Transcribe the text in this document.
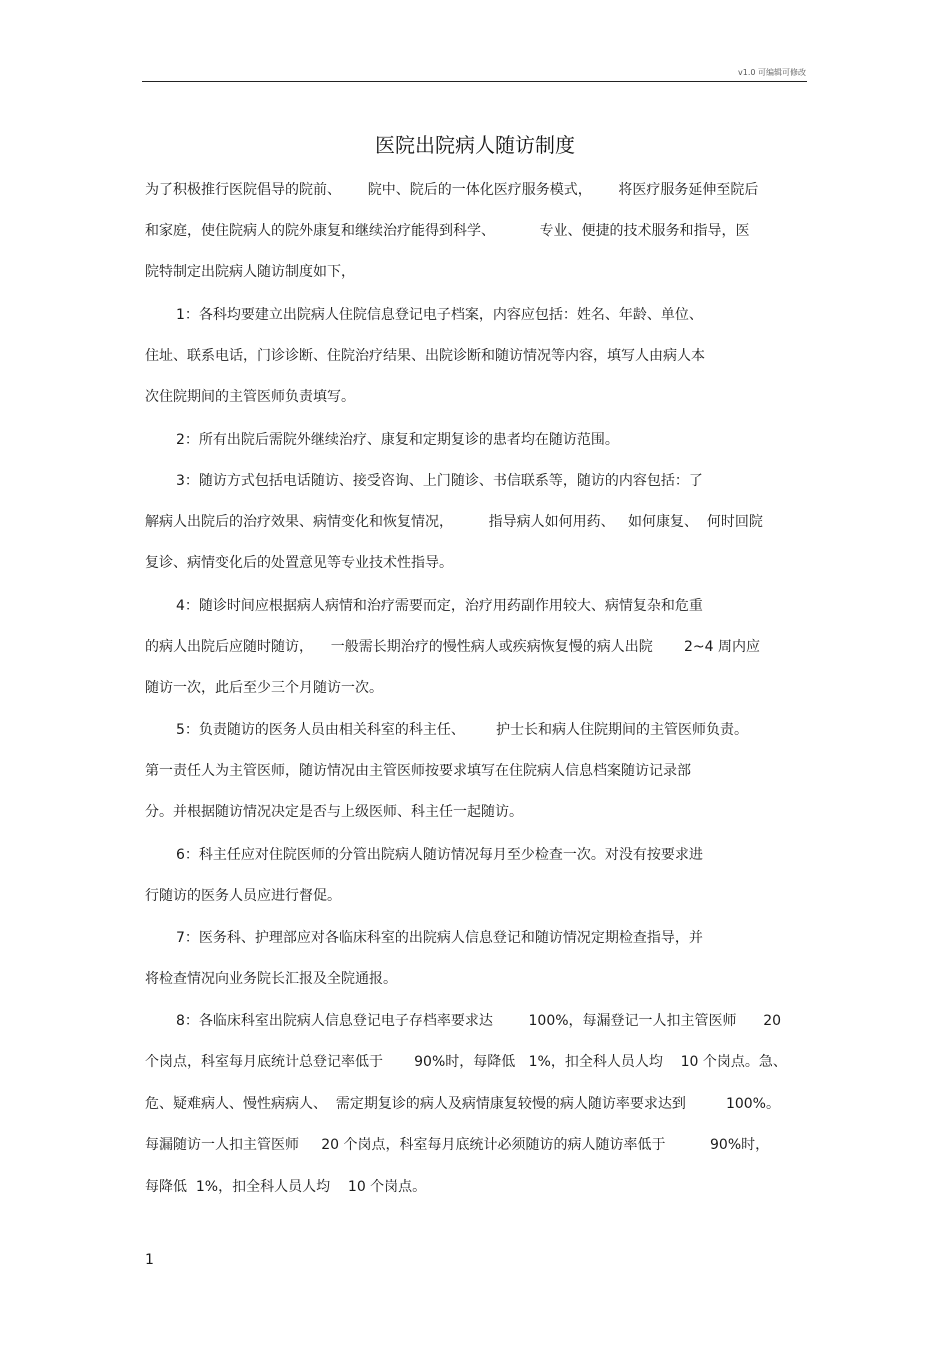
v1.0 可编辑可修改
医院出院病人随访制度
为了积极推行医院倡导的院前、      院中、院后的一体化医疗服务模式，      将医疗服务延伸至院后
和家庭，使住院病人的院外康复和继续治疗能得到科学、          专业、便捷的技术服务和指导，医
院特制定出院病人随访制度如下，
1：各科均要建立出院病人住院信息登记电子档案，内容应包括：姓名、年龄、单位、
住址、联系电话，门诊诊断、住院治疗结果、出院诊断和随访情况等内容，填写人由病人本
次住院期间的主管医师负责填写。
2：所有出院后需院外继续治疗、康复和定期复诊的患者均在随访范围。
3：随访方式包括电话随访、接受咨询、上门随诊、书信联系等，随访的内容包括：了
解病人出院后的治疗效果、病情变化和恢复情况，        指导病人如何用药、   如何康复、  何时回院
复诊、病情变化后的处置意见等专业技术性指导。
4：随诊时间应根据病人病情和治疗需要而定，治疗用药副作用较大、病情复杂和危重
的病人出院后应随时随访，    一般需长期治疗的慢性病人或疾病恢复慢的病人出院       2~4 周内应
随访一次，此后至少三个月随访一次。
5：负责随访的医务人员由相关科室的科主任、       护士长和病人住院期间的主管医师负责。
第一责任人为主管医师，随访情况由主管医师按要求填写在住院病人信息档案随访记录部
分。并根据随访情况决定是否与上级医师、科主任一起随访。
6：科主任应对住院医师的分管出院病人随访情况每月至少检查一次。对没有按要求进
行随访的医务人员应进行督促。
7：医务科、护理部应对各临床科室的出院病人信息登记和随访情况定期检查指导，并
将检查情况向业务院长汇报及全院通报。
8：各临床科室出院病人信息登记电子存档率要求达        100%，每漏登记一人扣主管医师      20
个岗点，科室每月底统计总登记率低于       90%时，每降低   1%，扣全科人员人均    10 个岗点。急、
危、疑难病人、慢性病病人、  需定期复诊的病人及病情康复较慢的病人随访率要求达到         100%。
每漏随访一人扣主管医师     20 个岗点，科室每月底统计必须随访的病人随访率低于          90%时，
每降低  1%，扣全科人员人均    10 个岗点。
1
